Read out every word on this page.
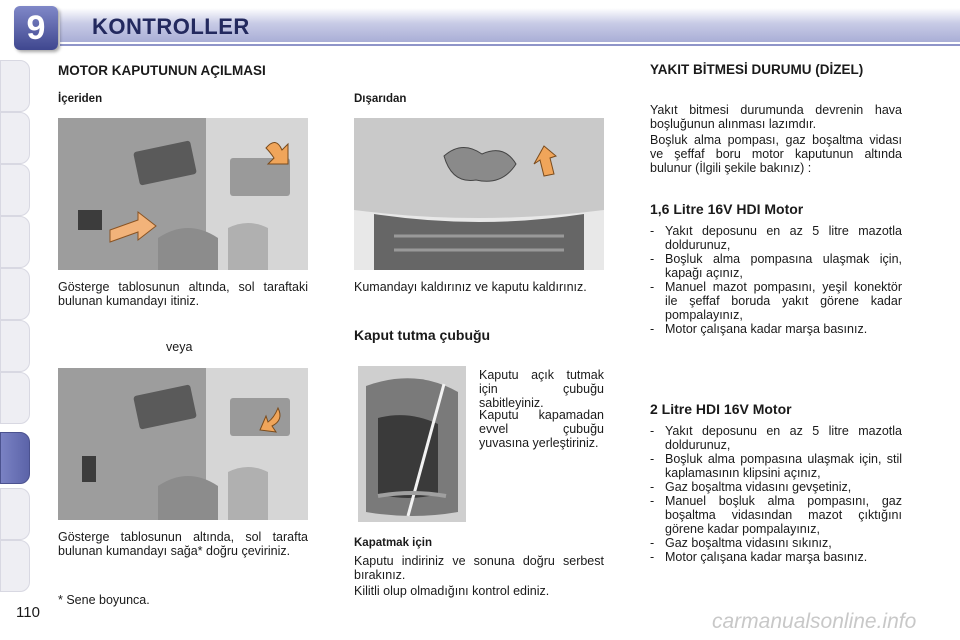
9	KONTROLLER
MOTOR KAPUTUNUN AÇILMASI
İçeriden
Gösterge tablosunun altında, sol taraftaki bulunan kumandayı itiniz.
veya
Gösterge tablosunun altında, sol tarafta bulunan kumandayı sağa* doğru çeviriniz.
* Sene boyunca.
Dışarıdan
Kumandayı kaldırınız ve kaputu kaldırınız.
Kaput tutma çubuğu
Kaputu açık tutmak için çubuğu sabitleyiniz.
Kaputu kapamadan evvel çubuğu yuvasına yerleştiriniz.
Kapatmak için
Kaputu indiriniz ve sonuna doğru serbest bırakınız.
Kilitli olup olmadığını kontrol ediniz.
YAKIT BİTMESİ DURUMU (DİZEL)
Yakıt bitmesi durumunda devrenin hava boşluğunun alınması lazımdır.
Boşluk alma pompası, gaz boşaltma vidası ve şeffaf boru motor kaputunun altında bulunur (İlgili şekile bakınız) :
1,6 Litre 16V HDI Motor
- Yakıt deposunu en az 5 litre mazotla doldurunuz,
- Boşluk alma pompasına ulaşmak için, kapağı açınız,
- Manuel mazot pompasını, yeşil konektör ile şeffaf boruda yakıt görene kadar pompalayınız,
- Motor çalışana kadar marşa basınız.
2 Litre HDI 16V Motor
- Yakıt deposunu en az 5 litre mazotla doldurunuz,
- Boşluk alma pompasına ulaşmak için, stil kaplamasının klipsini açınız,
- Gaz boşaltma vidasını gevşetiniz,
- Manuel boşluk alma pompasını, gaz boşaltma vidasından mazot çıktığını görene kadar pompalayınız,
- Gaz boşaltma vidasını sıkınız,
- Motor çalışana kadar marşa basınız.
110	carmanualsonline.info
